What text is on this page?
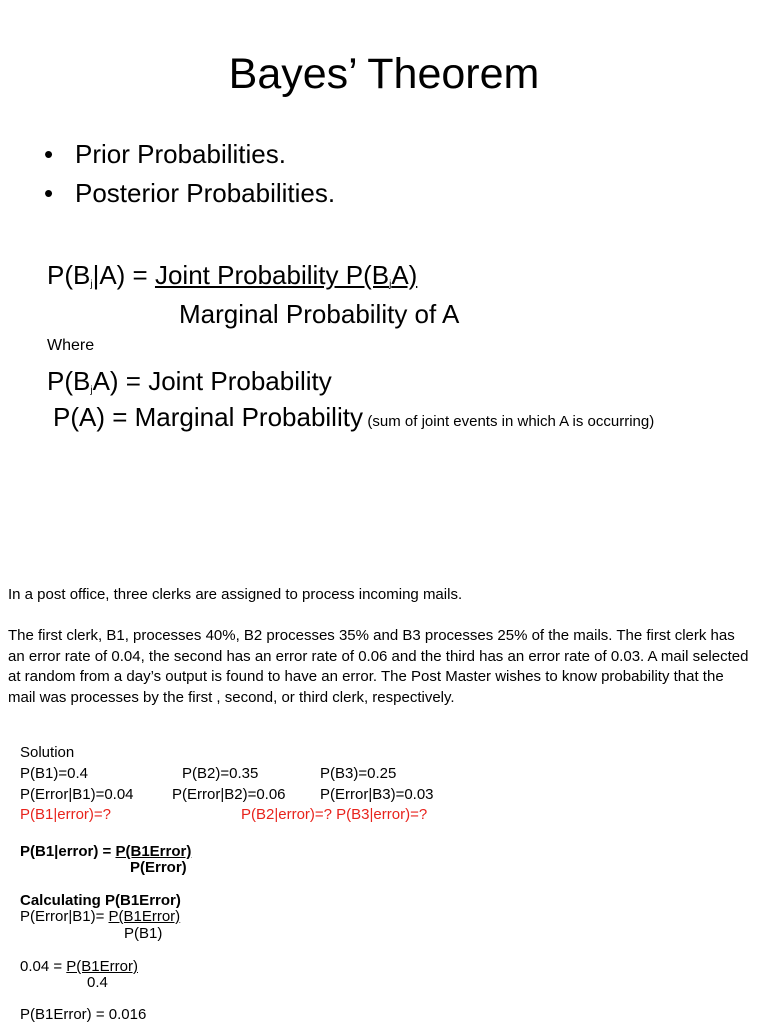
Bayes’ Theorem
• Prior Probabilities.
• Posterior Probabilities.
$P(B_j|A)$ = Joint Probability $P(B_jA)$
Marginal Probability of A
Where
$P(B_jA)$ = Joint Probability
P(A) = Marginal Probability (sum of joint events in which A is occurring)
In a post office, three clerks are assigned to process incoming mails.
The first clerk, B1, processes 40%, B2 processes 35% and B3 processes 25% of the mails. The first clerk has an error rate of 0.04, the second has an error rate of 0.06 and the third has an error rate of 0.03. A mail selected at random from a day’s output is found to have an error. The Post Master wishes to know probability that the mail was processes by the first , second, or third clerk, respectively.
Solution
P(B1)=0.4	P(B2)=0.35	P(B3)=0.25
P(Error|B1)=0.04	P(Error|B2)=0.06 P(Error|B3)=0.03
P(B1|error)=?	P(B2|error)=? P(B3|error)=?
P(B1|error) = P(B1Error)
P(Error)
Calculating P(B1Error)
P(Error|B1)= P(B1Error)
P(B1)
0.04 = P(B1Error)
0.4
P(B1Error) = 0.016
